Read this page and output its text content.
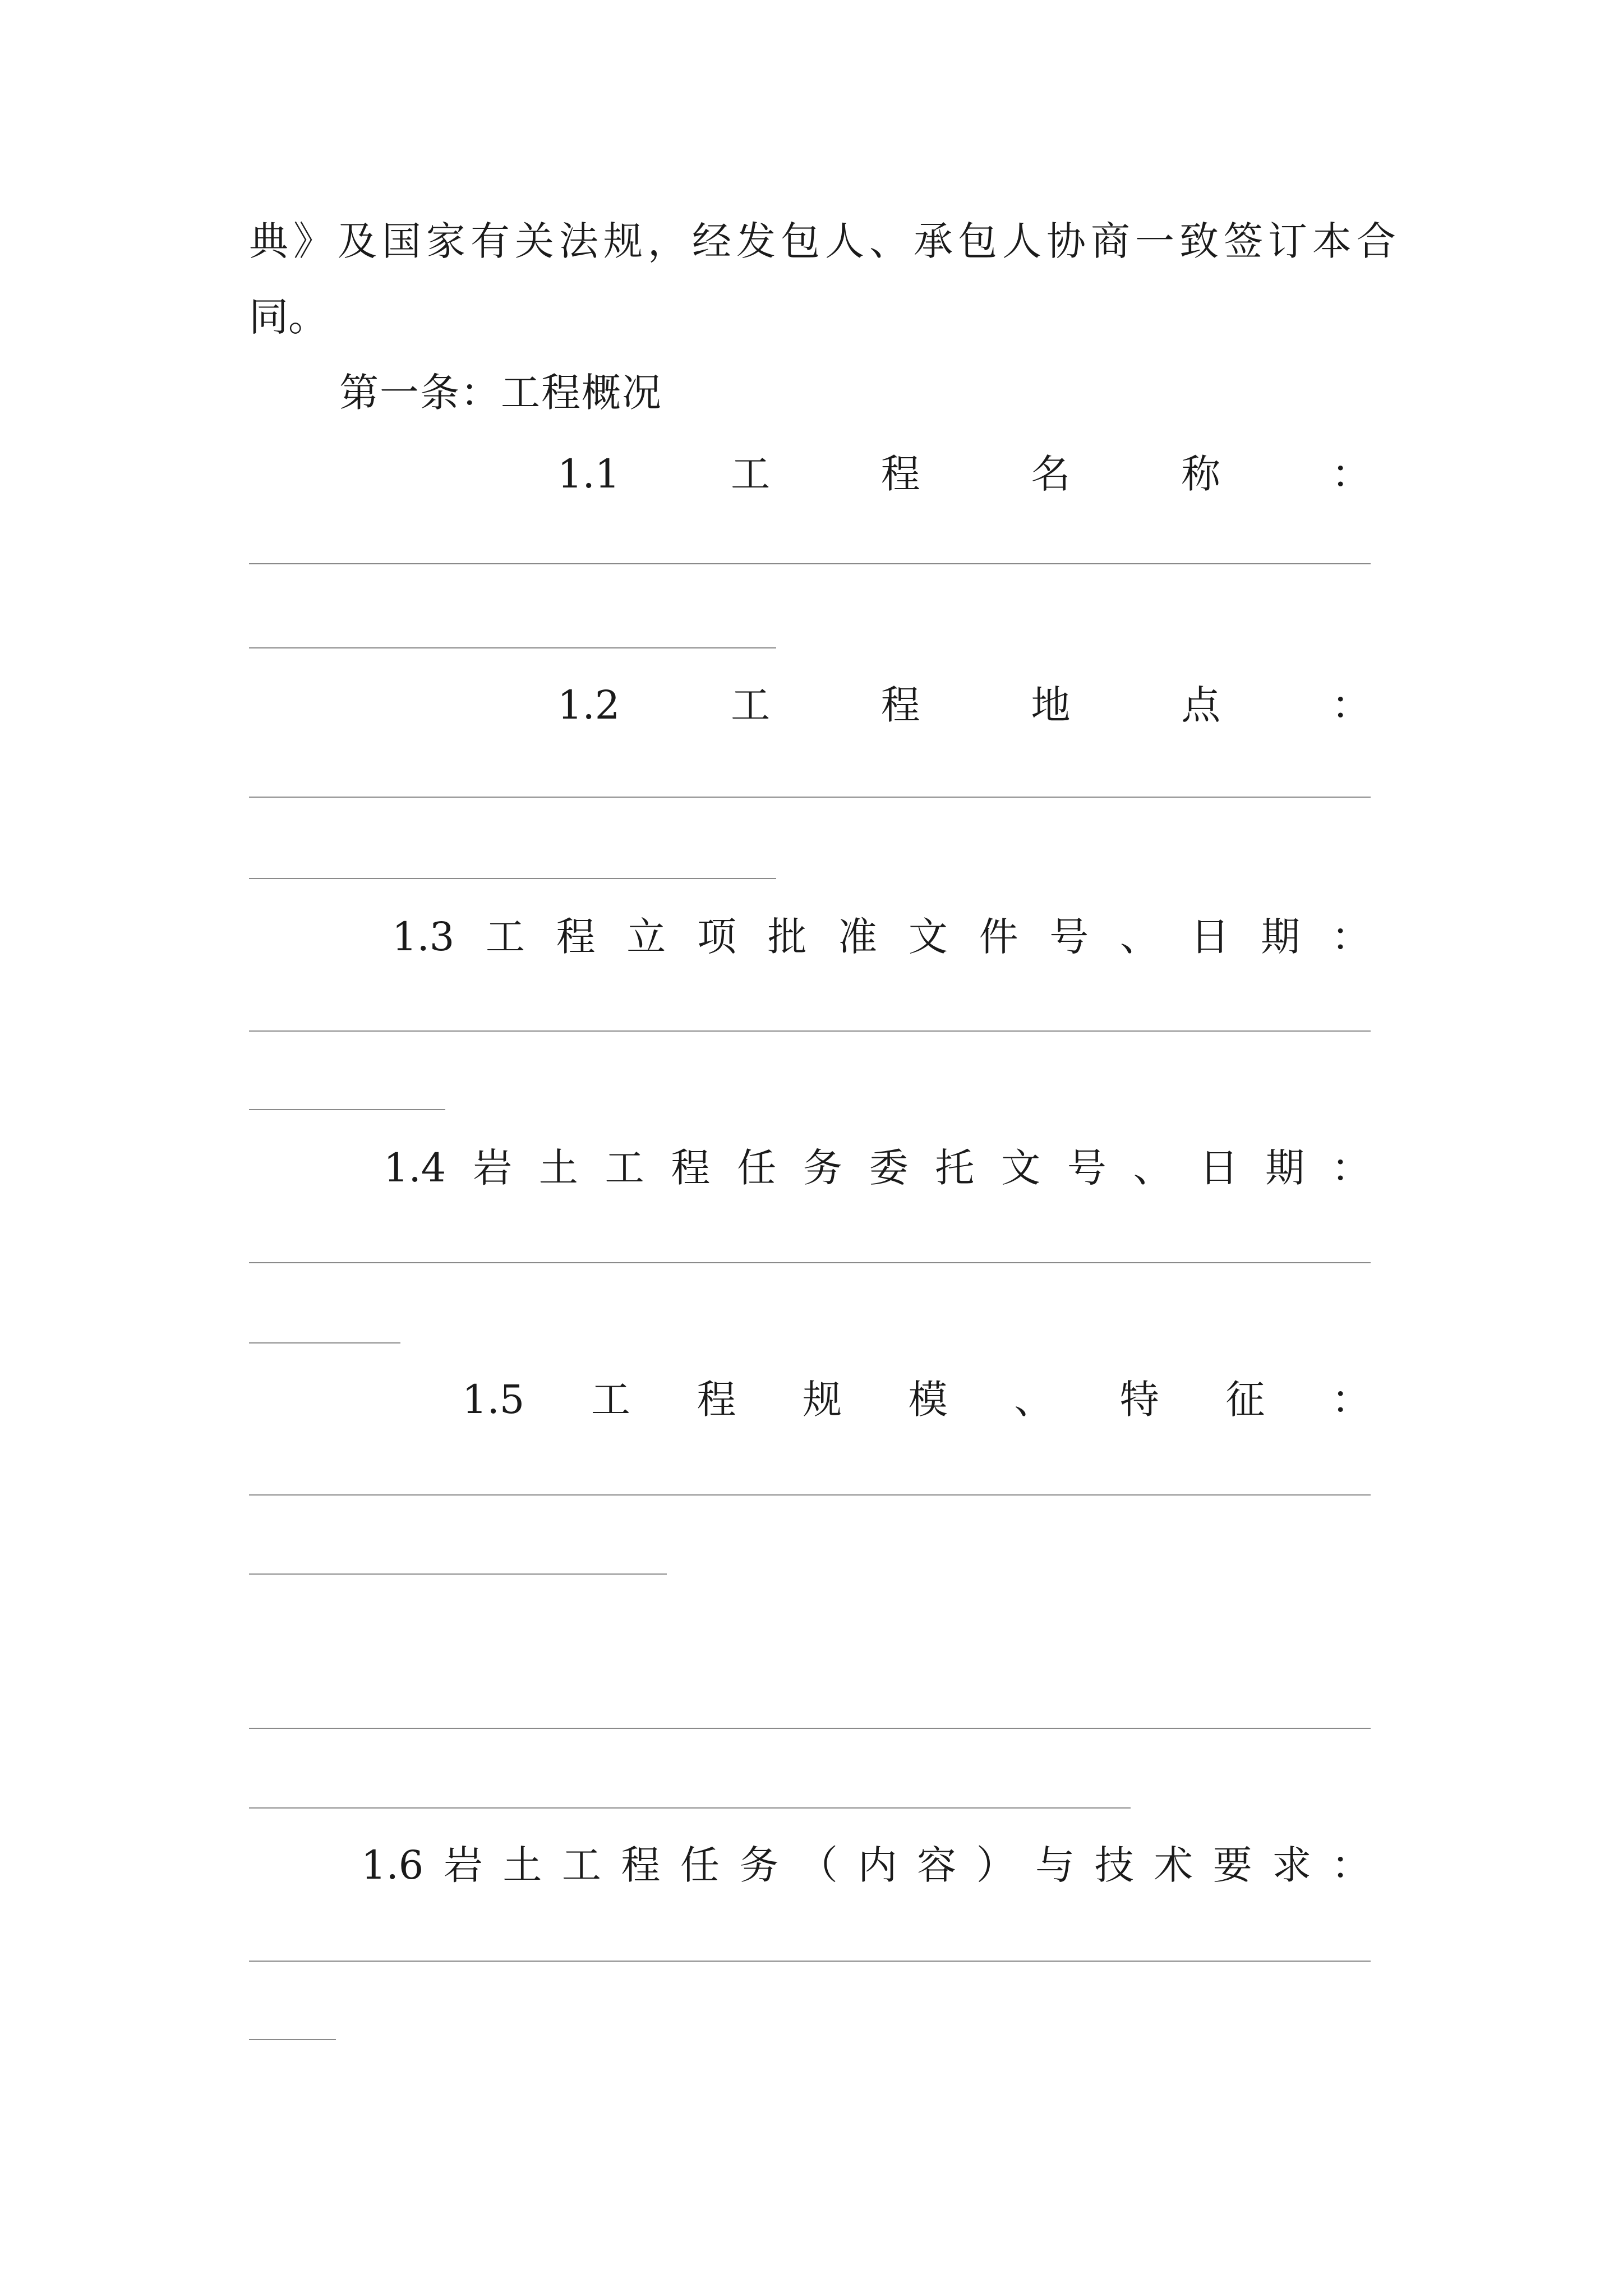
典》及国家有关法规，经发包人、承包人协商一致签订本合
同。
第一条：工程概况
1.1	工	程	名	称	：
1.2	工	程	地	点	：
1.3 工 程 立 项 批 准 文 件 号 、 日 期 ：
1.4 岩 土 工 程 任 务 委 托 文 号 、 日 期 ：
1.5 工 程 规 模 、 特 征 ：
1.6 岩 土 工 程 任 务 （ 内 容 ） 与 技 术 要 求 ：
